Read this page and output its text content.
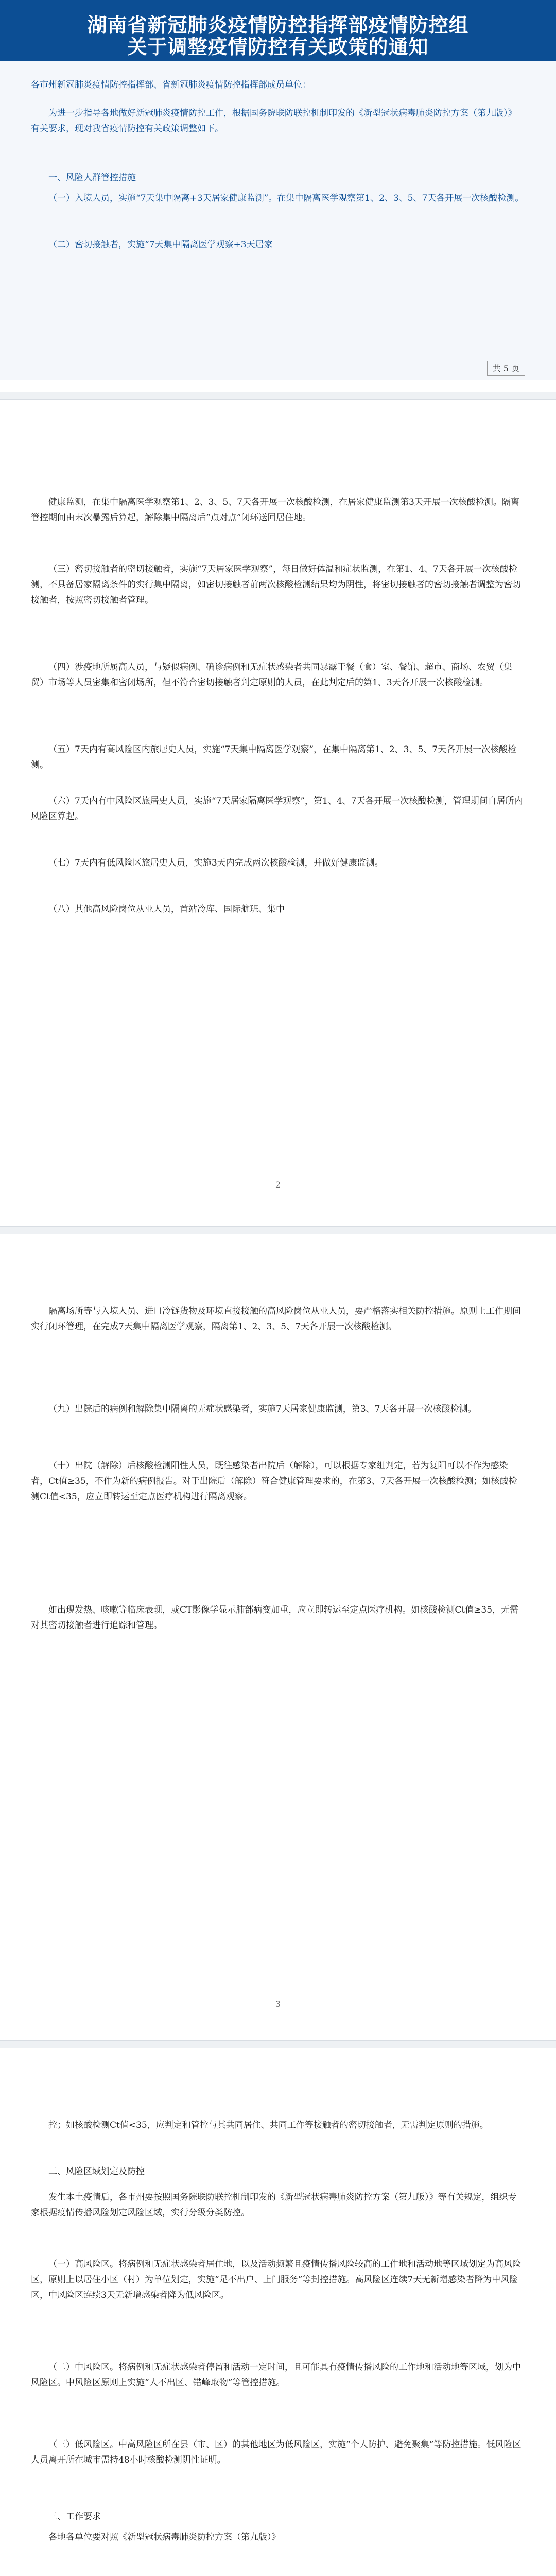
湖南省新冠肺炎疫情防控指挥部疫情防控组
关于调整疫情防控有关政策的通知
各市州新冠肺炎疫情防控指挥部、省新冠肺炎疫情防控指挥部成员单位：
为进一步指导各地做好新冠肺炎疫情防控工作，根据国务院联防联控机制印发的《新型冠状病毒肺炎防控方案（第九版）》有关要求，现对我省疫情防控有关政策调整如下。
一、风险人群管控措施
（一）入境人员，实施“7天集中隔离+3天居家健康监测”。在集中隔离医学观察第1、2、3、5、7天各开展一次核酸检测。
（二）密切接触者，实施“7天集中隔离医学观察+3天居家
共 5 页
健康监测，在集中隔离医学观察第1、2、3、5、7天各开展一次核酸检测，在居家健康监测第3天开展一次核酸检测。隔离管控期间由末次暴露后算起，解除集中隔离后“点对点”闭环送回居住地。
（三）密切接触者的密切接触者，实施“7天居家医学观察”，每日做好体温和症状监测，在第1、4、7天各开展一次核酸检测，不具备居家隔离条件的实行集中隔离，如密切接触者前两次核酸检测结果均为阴性，将密切接触者的密切接触者调整为密切接触者，按照密切接触者管理。
（四）涉疫地所属高人员，与疑似病例、确诊病例和无症状感染者共同暴露于餐（食）室、餐馆、超市、商场、农贸（集贸）市场等人员密集和密闭场所，但不符合密切接触者判定原则的人员，在此判定后的第1、3天各开展一次核酸检测。
（五）7天内有高风险区内旅居史人员，实施“7天集中隔离医学观察”，在集中隔离第1、2、3、5、7天各开展一次核酸检测。
（六）7天内有中风险区旅居史人员，实施“7天居家隔离医学观察”，第1、4、7天各开展一次核酸检测，管理期间自居所内风险区算起。
（七）7天内有低风险区旅居史人员，实施3天内完成两次核酸检测，并做好健康监测。
（八）其他高风险岗位从业人员，首站冷库、国际航班、集中
2
隔离场所等与入境人员、进口冷链货物及环境直接接触的高风险岗位从业人员，要严格落实相关防控措施。原则上工作期间实行闭环管理，在完成7天集中隔离医学观察，隔离第1、2、3、5、7天各开展一次核酸检测。
（九）出院后的病例和解除集中隔离的无症状感染者，实施7天居家健康监测，第3、7天各开展一次核酸检测。
（十）出院（解除）后核酸检测阳性人员，既往感染者出院后（解除），可以根据专家组判定，若为复阳可以不作为感染者，Ct值≥35，不作为新的病例报告。对于出院后（解除）符合健康管理要求的，在第3、7天各开展一次核酸检测；如核酸检测Ct值<35，应立即转运至定点医疗机构进行隔离观察。
如出现发热、咳嗽等临床表现，或CT影像学显示肺部病变加重，应立即转运至定点医疗机构。如核酸检测Ct值≥35，无需对其密切接触者进行追踪和管理。
3
控；如核酸检测Ct值<35，应判定和管控与其共同居住、共同工作等接触者的密切接触者，无需判定原则的措施。
二、风险区域划定及防控
发生本土疫情后，各市州要按照国务院联防联控机制印发的《新型冠状病毒肺炎防控方案（第九版）》等有关规定，组织专家根据疫情传播风险划定风险区域，实行分级分类防控。
（一）高风险区。将病例和无症状感染者居住地，以及活动频繁且疫情传播风险较高的工作地和活动地等区域划定为高风险区，原则上以居住小区（村）为单位划定，实施“足不出户、上门服务”等封控措施。高风险区连续7天无新增感染者降为中风险区，中风险区连续3天无新增感染者降为低风险区。
（二）中风险区。将病例和无症状感染者停留和活动一定时间，且可能具有疫情传播风险的工作地和活动地等区域，划为中风险区。中风险区原则上实施“人不出区、错峰取物”等管控措施。
（三）低风险区。中高风险区所在县（市、区）的其他地区为低风险区，实施“个人防护、避免聚集”等防控措施。低风险区人员离开所在城市需持48小时核酸检测阴性证明。
三、工作要求
各地各单位要对照《新型冠状病毒肺炎防控方案（第九版）》
